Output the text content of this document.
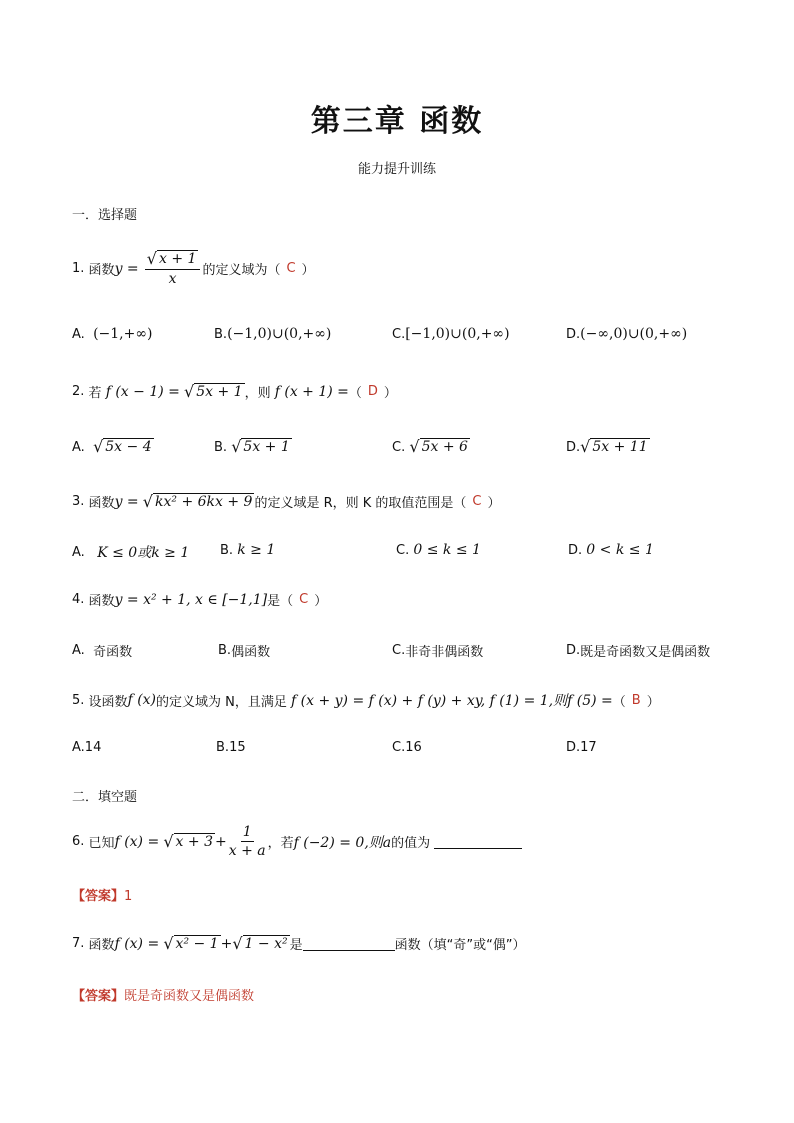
第三章 函数
能力提升训练
一．选择题
1.
函数 y =
$\frac{√ x + 1}{x}$ 的定义域为（ C ）
A.
(−1,+∞)	B. (−1,0)∪(0,+∞)	C. [−1,0)∪(0,+∞)	D. (−∞,0)∪(0,+∞)
2.
若
f (x − 1) =
√ 5x + 1 ，则
f (x + 1) = （ D ）
A.
√ 5x − 4	B.
√ 5x + 1	C.
√ 5x + 6	D. √ 5x + 11
3.
函数 y =
√ kx² + 6kx + 9 的定义域是 R，则 K 的取值范围是（ C ）
A.
K ≤ 0或k ≥ 1 B.
k ≥ 1	C.
0 ≤ k ≤ 1	D.
0 < k ≤ 1
4.
函数 y = x² + 1, x ∈ [−1,1] 是（ C ）
A.
奇函数	B. 偶函数	C. 非奇非偶函数	D. 既是奇函数又是偶函数
5.
设函数 f (x) 的定义域为 N，且满足
f (x + y) = f (x) + f (y) + xy, f (1) = 1,则f (5) = （ B ）
A. 14	B. 15	C. 16	D. 17
二．填空题
6.
已知 f (x) =
√ $x + 3 + \frac{1}{x + a}$ ，若 f (−2) = 0,则a 的值为

【答案】1
7.
函数 f (x) =
√ x² − 1 + √ 1 − x² 是	函数（填“奇”或“偶”）
【答案】既是奇函数又是偶函数
